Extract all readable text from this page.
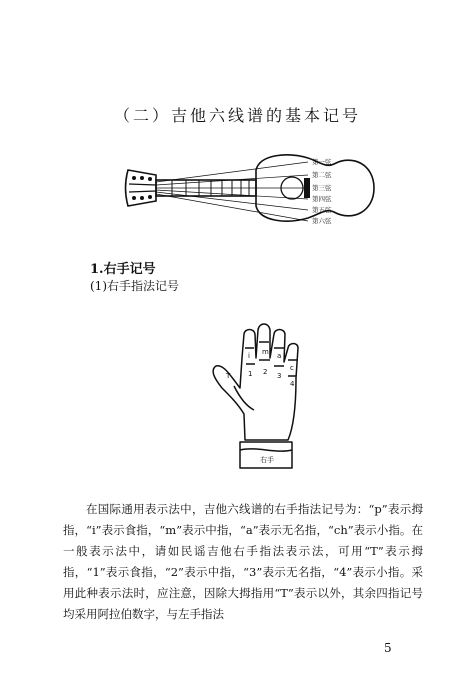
（二）吉他六线谱的基本记号
第一弦
第二弦
第三弦
第四弦
第五弦
第六弦
1.右手记号
(1)右手指法记号
m
i
T
a
c
1 2 3
4
右手

在国际通用表示法中，吉他六线谱的右手指法记号为：“p”表示拇指，“i”表示食指，“m”表示中指，“a”表示无名指，“ch”表示小指。在一般表示法中，请如民谣吉他右手指法表示法，可用“T”表示拇指，“1”表示食指，“2”表示中指，“3”表示无名指，“4”表示小指。采用此种表示法时，应注意，因除大拇指用“T”表示以外，其余四指记号均采用阿拉伯数字，与左手指法

5
